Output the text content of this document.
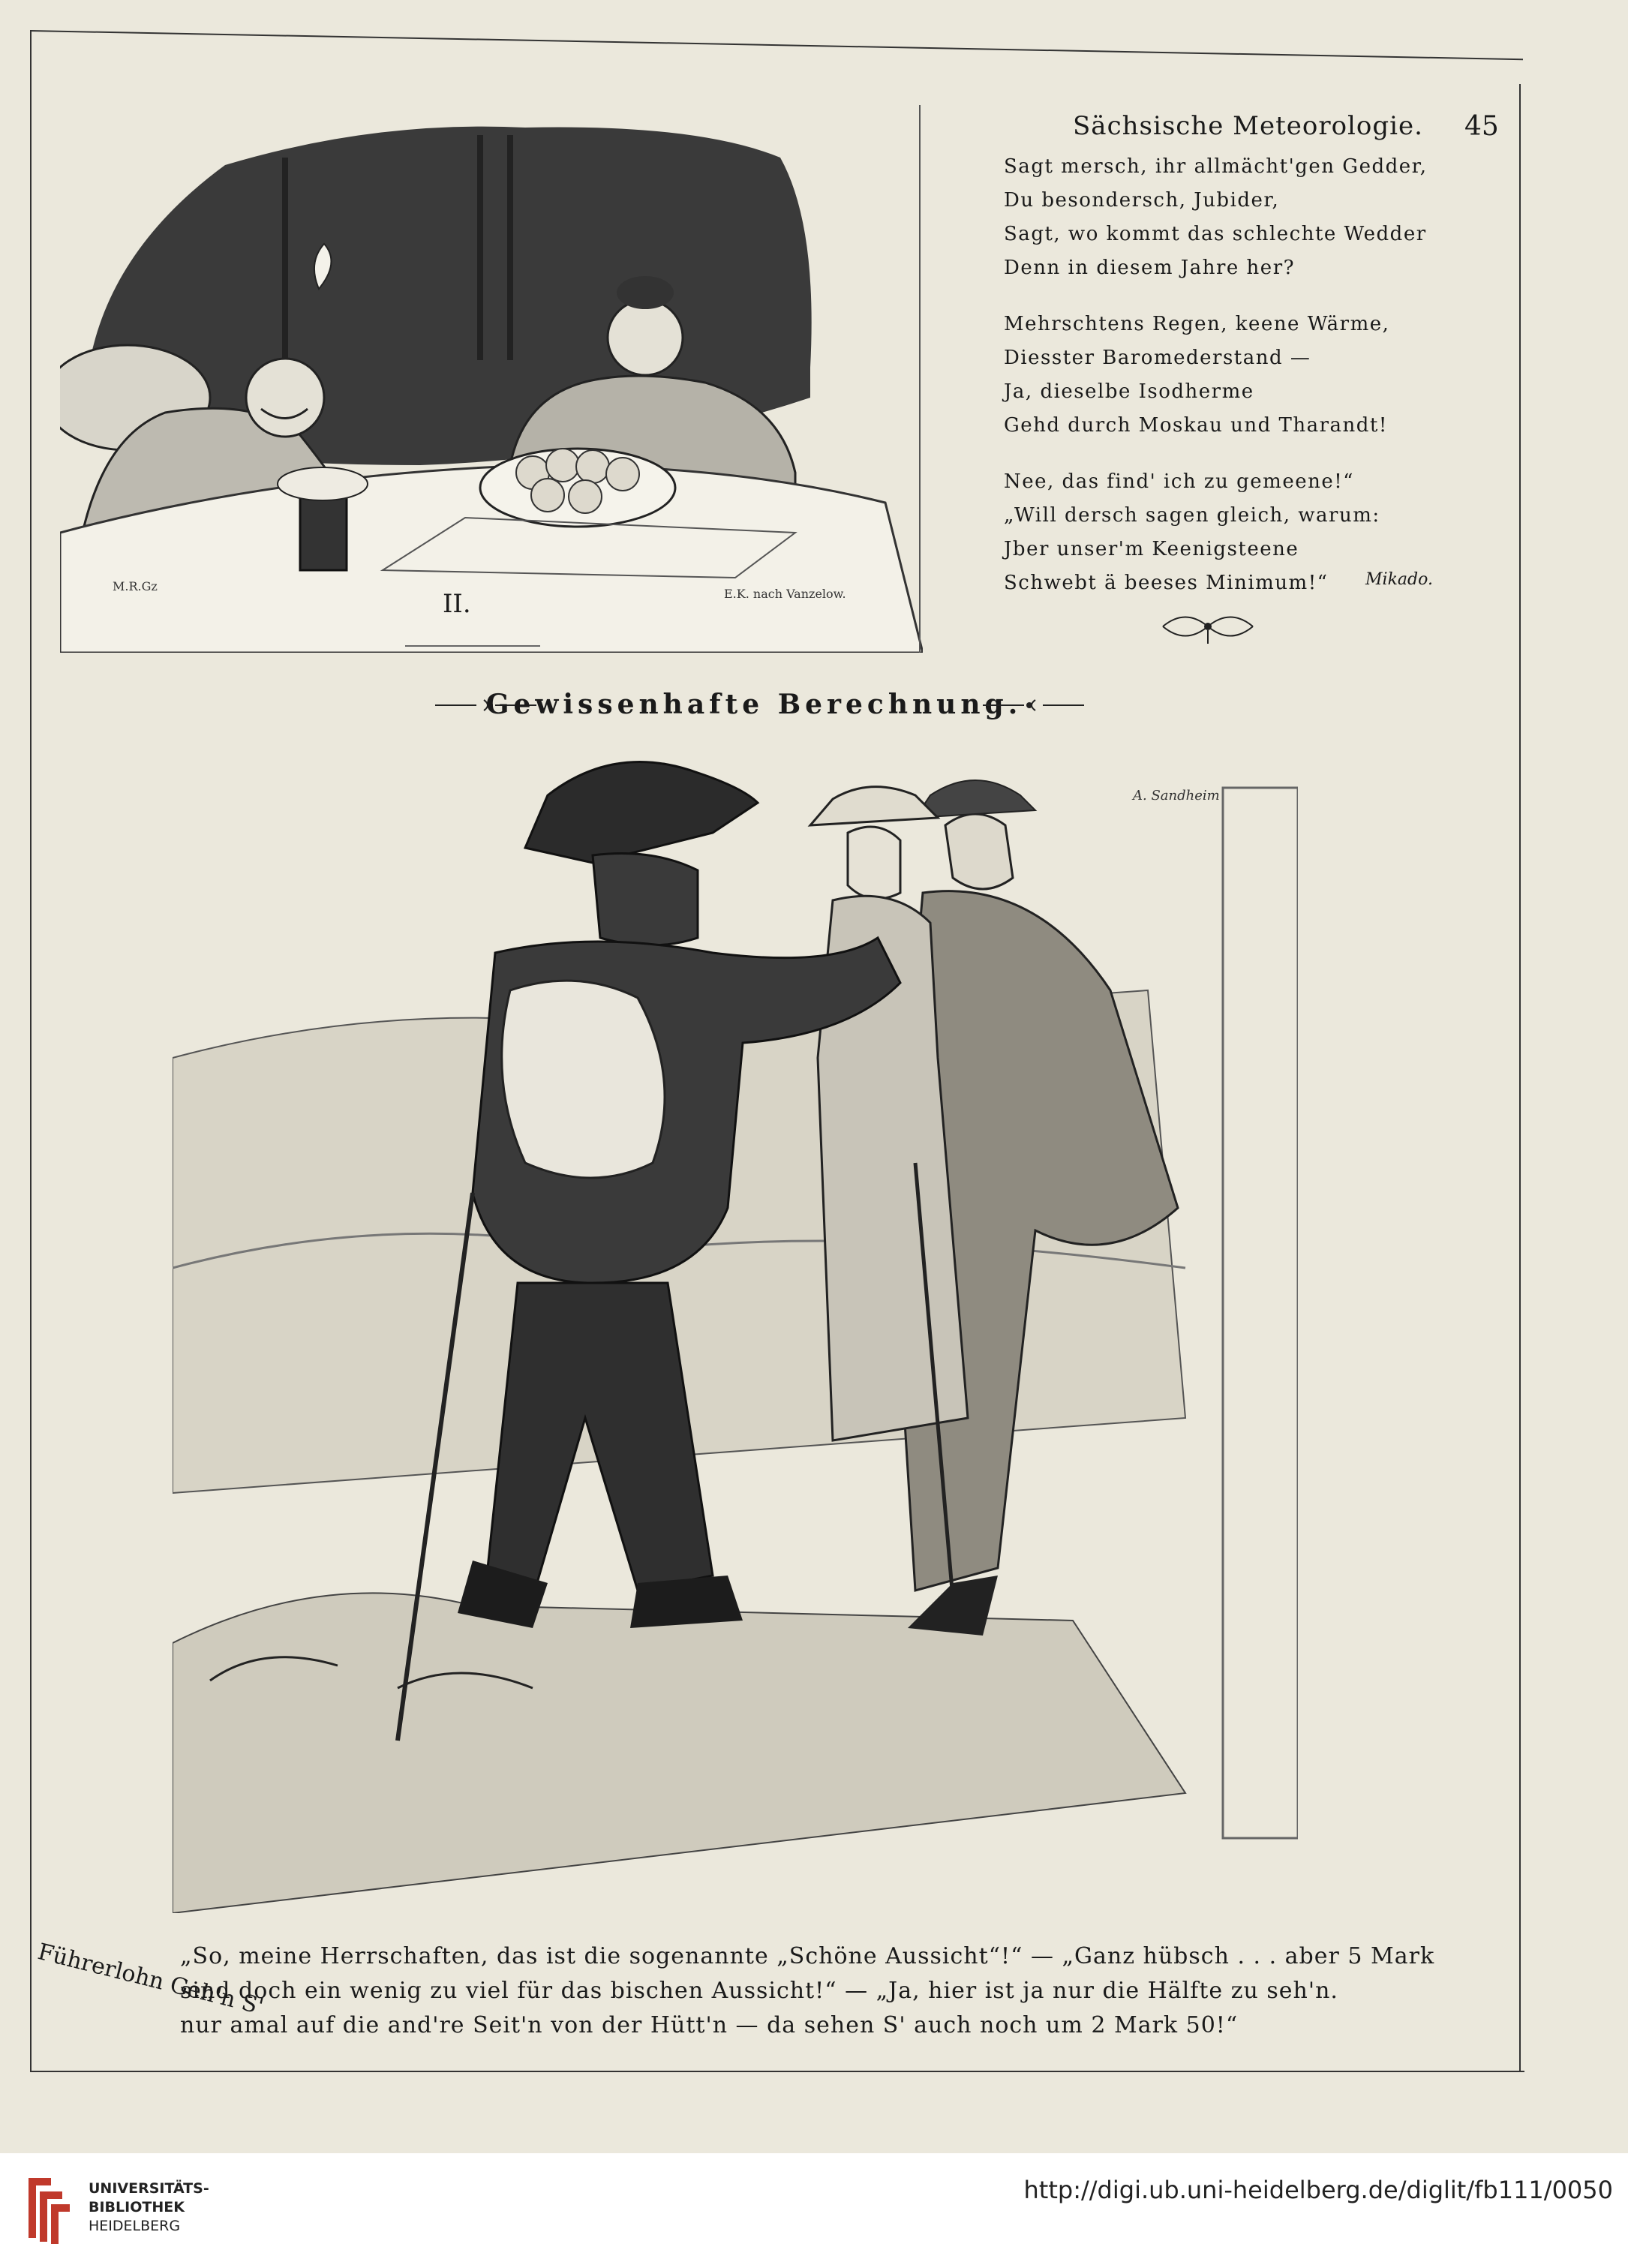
M.R.Gz
II.	E.K. nach Vanzelow.
Sächsische Meteorologie. 45
Sagt mersch, ihr allmächt'gen Gedder,
Du besondersch, Jubider,
Sagt, wo kommt das schlechte Wedder
Denn in diesem Jahre her?
Mehrschtens Regen, keene Wärme,
Diesster Baromederstand —
Ja, dieselbe Isodherme
Gehd durch Moskau und Tharandt!
Nee, das find' ich zu gemeene!“
„Will dersch sagen gleich, warum:
Jber unser'm Keenigsteene
Schwebt ä beeses Minimum!“	Mikado.
Gewissenhafte Berechnung.
A. Sandheim
Führerlohn Geh'n S'
„So, meine Herrschaften, das ist die sogenannte „Schöne Aussicht“!“ — „Ganz hübsch . . . aber 5 Mark
sind doch ein wenig zu viel für das bischen Aussicht!“ — „Ja, hier ist ja nur die Hälfte zu seh'n.
nur amal auf die and're Seit'n von der Hütt'n — da sehen S' auch noch um 2 Mark 50!“
UNIVERSITÄTS-
BIBLIOTHEK
HEIDELBERG
http://digi.ub.uni-heidelberg.de/diglit/fb111/0050
